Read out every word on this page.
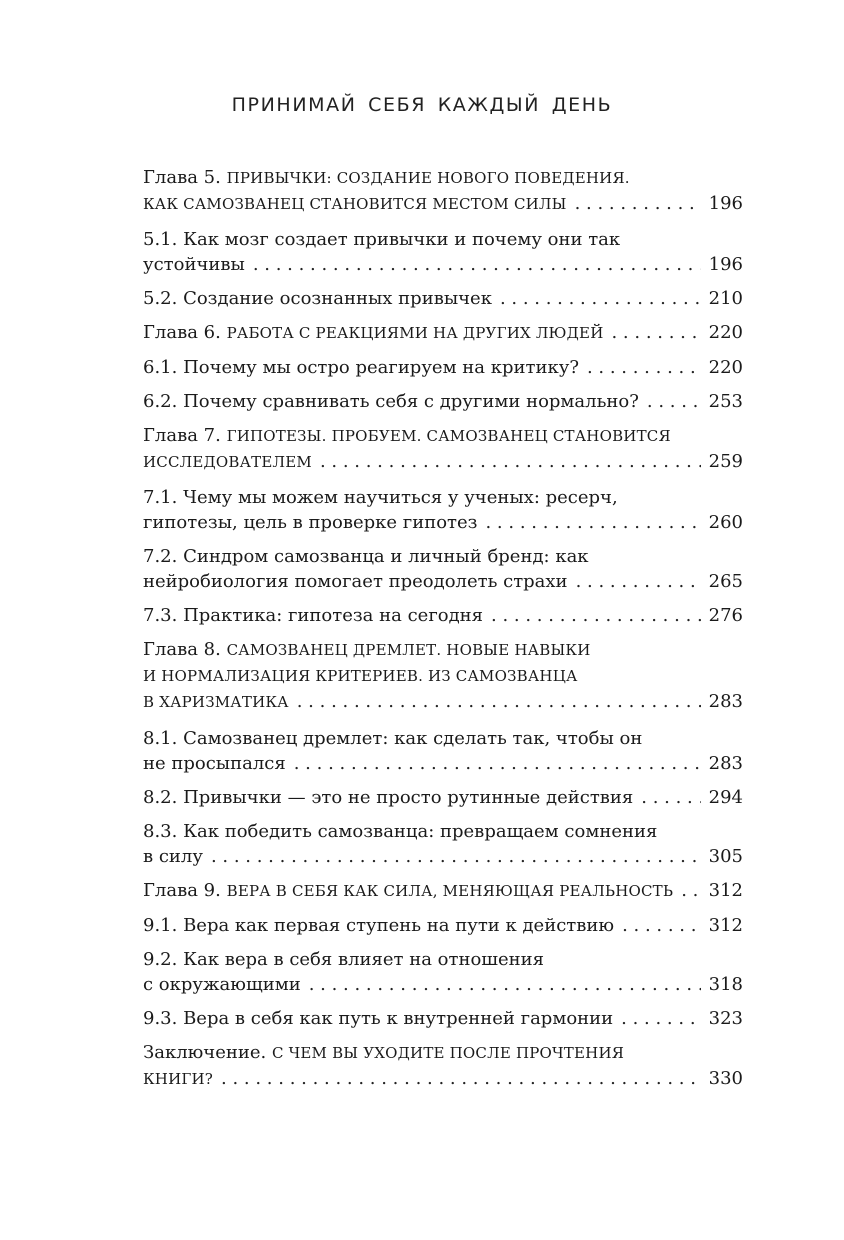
ПРИНИМАЙ СЕБЯ КАЖДЫЙ ДЕНЬ
Глава 5. ПРИВЫЧКИ: СОЗДАНИЕ НОВОГО ПОВЕДЕНИЯ.
КАК САМОЗВАНЕЦ СТАНОВИТСЯ МЕСТОМ СИЛЫ . . .	196
5.1. Как мозг создает привычки и почему они так
устойчивы . . .	196
5.2. Создание осознанных привычек . . .	210
Глава 6. РАБОТА С РЕАКЦИЯМИ НА ДРУГИХ ЛЮДЕЙ . . .	220
6.1. Почему мы остро реагируем на критику? . . .	220
6.2. Почему сравнивать себя с другими нормально? . . .	253
Глава 7. ГИПОТЕЗЫ. ПРОБУЕМ. САМОЗВАНЕЦ СТАНОВИТСЯ
ИССЛЕДОВАТЕЛЕМ . . .	259
7.1. Чему мы можем научиться у ученых: ресерч,
гипотезы, цель в проверке гипотез . . .	260
7.2. Синдром самозванца и личный бренд: как
нейробиология помогает преодолеть страхи . . .	265
7.3. Практика: гипотеза на сегодня . . .	276
Глава 8. САМОЗВАНЕЦ ДРЕМЛЕТ. НОВЫЕ НАВЫКИ
И НОРМАЛИЗАЦИЯ КРИТЕРИЕВ. ИЗ САМОЗВАНЦА
В ХАРИЗМАТИКА . . .	283
8.1. Самозванец дремлет: как сделать так, чтобы он
не просыпался . . .	283
8.2. Привычки — это не просто рутинные действия . . .	294
8.3. Как победить самозванца: превращаем сомнения
в силу . . .	305
Глава 9. ВЕРА В СЕБЯ КАК СИЛА, МЕНЯЮЩАЯ РЕАЛЬНОСТЬ . . . 312
9.1. Вера как первая ступень на пути к действию . . .	312
9.2. Как вера в себя влияет на отношения
с окружающими . . .	318
9.3. Вера в себя как путь к внутренней гармонии . . .	323
Заключение. С ЧЕМ ВЫ УХОДИТЕ ПОСЛЕ ПРОЧТЕНИЯ
КНИГИ? . . .	330
